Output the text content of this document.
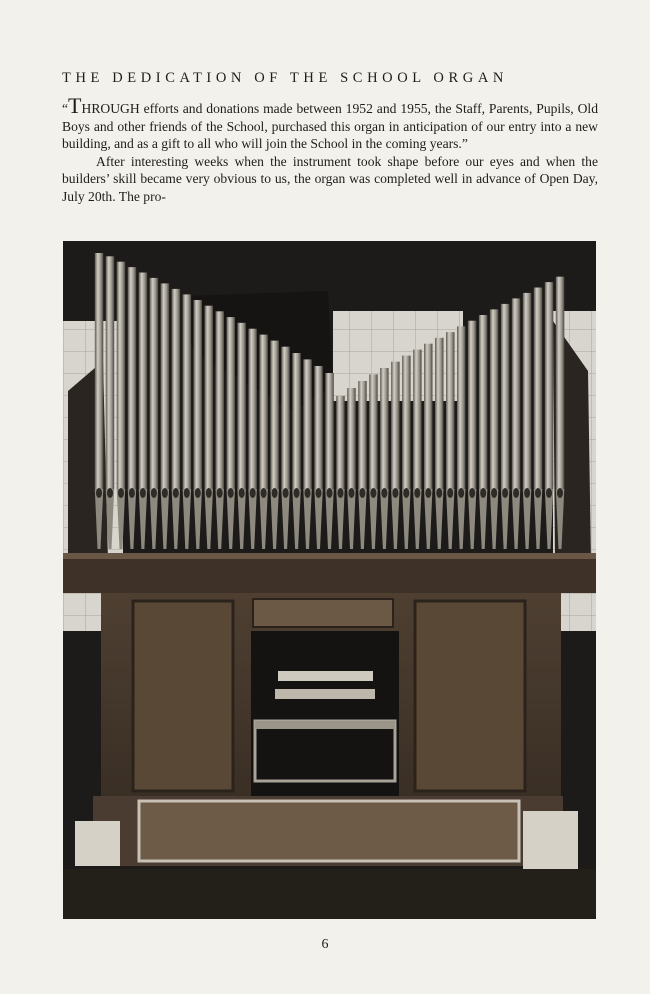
THE DEDICATION OF THE SCHOOL ORGAN

“THROUGH efforts and donations made between 1952 and 1955, the Staff, Parents, Pupils, Old Boys and other friends of the School, purchased this organ in anticipation of our entry into a new building, and as a gift to all who will join the School in the coming years.”

After interesting weeks when the instrument took shape before our eyes and when the builders’ skill became very obvious to us, the organ was completed well in advance of Open Day, July 20th. The pro-

6
